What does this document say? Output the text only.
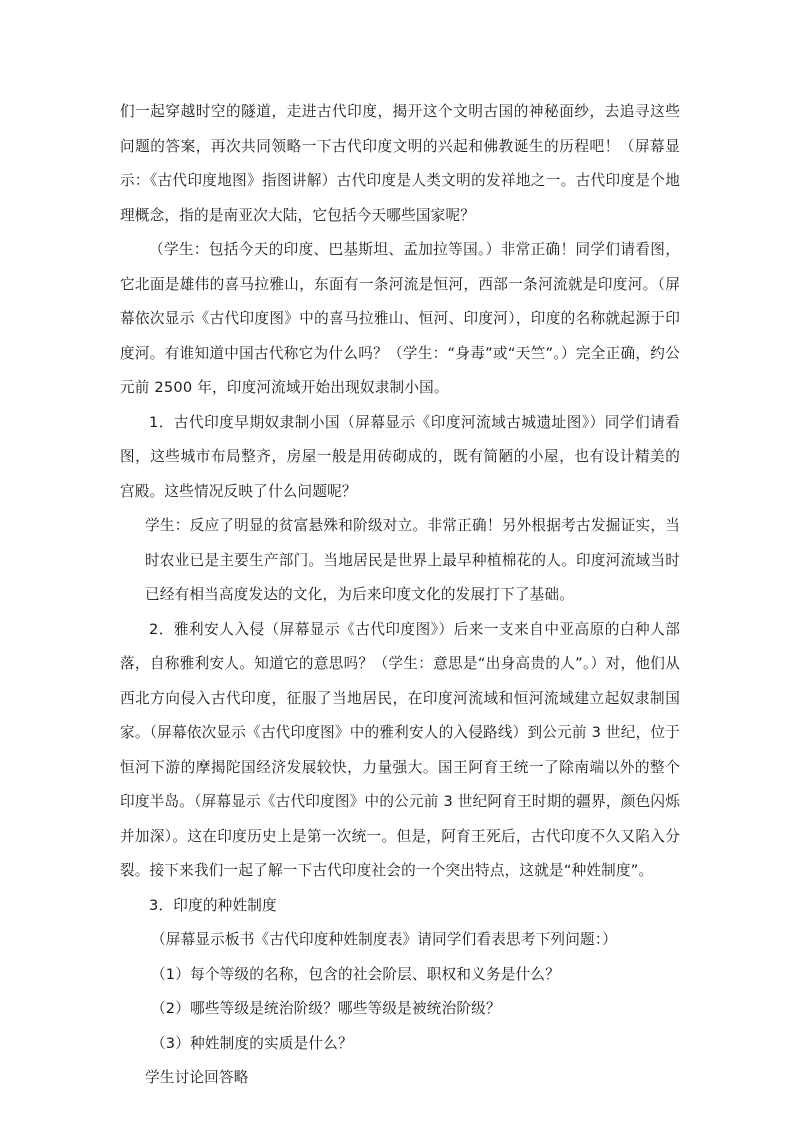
们一起穿越时空的隧道，走进古代印度，揭开这个文明古国的神秘面纱，去追寻这些问题的答案，再次共同领略一下古代印度文明的兴起和佛教诞生的历程吧！（屏幕显示：《古代印度地图》指图讲解）古代印度是人类文明的发祥地之一。古代印度是个地理概念，指的是南亚次大陆，它包括今天哪些国家呢？

（学生：包括今天的印度、巴基斯坦、孟加拉等国。）非常正确！同学们请看图，它北面是雄伟的喜马拉雅山，东面有一条河流是恒河，西部一条河流就是印度河。（屏幕依次显示《古代印度图》中的喜马拉雅山、恒河、印度河），印度的名称就起源于印度河。有谁知道中国古代称它为什么吗？（学生：“身毒”或“天竺”。）完全正确，约公元前 2500 年，印度河流域开始出现奴隶制小国。

1．古代印度早期奴隶制小国（屏幕显示《印度河流域古城遗址图》）同学们请看图，这些城市布局整齐，房屋一般是用砖砌成的，既有简陋的小屋，也有设计精美的宫殿。这些情况反映了什么问题呢？

学生：反应了明显的贫富悬殊和阶级对立。非常正确！另外根据考古发掘证实，当时农业已是主要生产部门。当地居民是世界上最早种植棉花的人。印度河流域当时已经有相当高度发达的文化，为后来印度文化的发展打下了基础。

2．雅利安人入侵（屏幕显示《古代印度图》）后来一支来自中亚高原的白种人部落，自称雅利安人。知道它的意思吗？（学生：意思是“出身高贵的人”。）对，他们从西北方向侵入古代印度，征服了当地居民，在印度河流域和恒河流域建立起奴隶制国家。（屏幕依次显示《古代印度图》中的雅利安人的入侵路线）到公元前 3 世纪，位于恒河下游的摩揭陀国经济发展较快，力量强大。国王阿育王统一了除南端以外的整个印度半岛。（屏幕显示《古代印度图》中的公元前 3 世纪阿育王时期的疆界，颜色闪烁并加深）。这在印度历史上是第一次统一。但是，阿育王死后，古代印度不久又陷入分裂。接下来我们一起了解一下古代印度社会的一个突出特点，这就是“种姓制度”。

3．印度的种姓制度

（屏幕显示板书《古代印度种姓制度表》请同学们看表思考下列问题：）

（1）每个等级的名称，包含的社会阶层、职权和义务是什么？

（2）哪些等级是统治阶级？哪些等级是被统治阶级？

（3）种姓制度的实质是什么？

学生讨论回答略
